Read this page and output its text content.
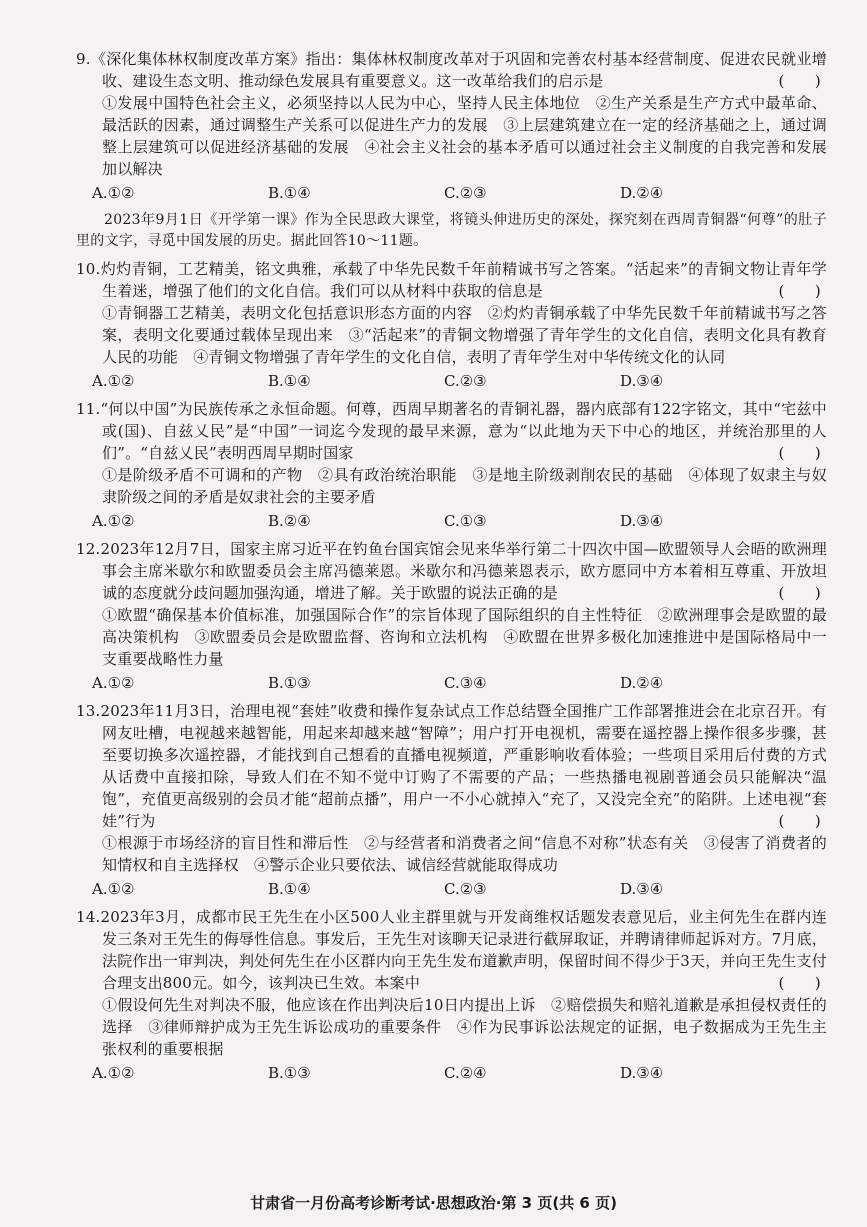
9.《深化集体林权制度改革方案》指出：集体林权制度改革对于巩固和完善农村基本经营制度、促进农民就业增收、建设生态文明、推动绿色发展具有重要意义。这一改革给我们的启示是	(　　)

①发展中国特色社会主义，必须坚持以人民为中心，坚持人民主体地位　②生产关系是生产方式中最革命、最活跃的因素，通过调整生产关系可以促进生产力的发展　③上层建筑建立在一定的经济基础之上，通过调整上层建筑可以促进经济基础的发展　④社会主义社会的基本矛盾可以通过社会主义制度的自我完善和发展加以解决

A.①②	B.①④	C.②③	D.②④

2023年9月1日《开学第一课》作为全民思政大课堂，将镜头伸进历史的深处，探究刻在西周青铜器“何尊”的肚子里的文字，寻觅中国发展的历史。据此回答10～11题。

10.灼灼青铜，工艺精美，铭文典雅，承载了中华先民数千年前精诚书写之答案。“活起来”的青铜文物让青年学生着迷，增强了他们的文化自信。我们可以从材料中获取的信息是	(　　)

①青铜器工艺精美，表明文化包括意识形态方面的内容　②灼灼青铜承载了中华先民数千年前精诚书写之答案，表明文化要通过载体呈现出来　③“活起来”的青铜文物增强了青年学生的文化自信，表明文化具有教育人民的功能　④青铜文物增强了青年学生的文化自信，表明了青年学生对中华传统文化的认同

A.①②	B.①④	C.②③	D.③④

11.“何以中国”为民族传承之永恒命题。何尊，西周早期著名的青铜礼器，器内底部有122字铭文，其中“宅兹中或(国)、自兹乂民”是“中国”一词迄今发现的最早来源，意为“以此地为天下中心的地区，并统治那里的人们”。“自兹乂民”表明西周早期时国家	(　　)

①是阶级矛盾不可调和的产物　②具有政治统治职能　③是地主阶级剥削农民的基础　④体现了奴隶主与奴隶阶级之间的矛盾是奴隶社会的主要矛盾

A.①②	B.②④	C.①③	D.③④

12.2023年12月7日，国家主席习近平在钓鱼台国宾馆会见来华举行第二十四次中国—欧盟领导人会晤的欧洲理事会主席米歇尔和欧盟委员会主席冯德莱恩。米歇尔和冯德莱恩表示，欧方愿同中方本着相互尊重、开放坦诚的态度就分歧问题加强沟通，增进了解。关于欧盟的说法正确的是	(　　)

①欧盟“确保基本价值标准，加强国际合作”的宗旨体现了国际组织的自主性特征　②欧洲理事会是欧盟的最高决策机构　③欧盟委员会是欧盟监督、咨询和立法机构　④欧盟在世界多极化加速推进中是国际格局中一支重要战略性力量

A.①②	B.①③	C.③④	D.②④

13.2023年11月3日，治理电视“套娃”收费和操作复杂试点工作总结暨全国推广工作部署推进会在北京召开。有网友吐槽，电视越来越智能，用起来却越来越“智障”；用户打开电视机，需要在遥控器上操作很多步骤，甚至要切换多次遥控器，才能找到自己想看的直播电视频道，严重影响收看体验；一些项目采用后付费的方式从话费中直接扣除，导致人们在不知不觉中订购了不需要的产品；一些热播电视剧普通会员只能解决“温饱”，充值更高级别的会员才能“超前点播”，用户一不小心就掉入“充了，又没完全充”的陷阱。上述电视“套娃”行为	(　　)

①根源于市场经济的盲目性和滞后性　②与经营者和消费者之间“信息不对称”状态有关　③侵害了消费者的知情权和自主选择权　④警示企业只要依法、诚信经营就能取得成功

A.①②	B.①④	C.②③	D.③④

14.2023年3月，成都市民王先生在小区500人业主群里就与开发商维权话题发表意见后，业主何先生在群内连发三条对王先生的侮辱性信息。事发后，王先生对该聊天记录进行截屏取证，并聘请律师起诉对方。7月底，法院作出一审判决，判处何先生在小区群内向王先生发布道歉声明，保留时间不得少于3天，并向王先生支付合理支出800元。如今，该判决已生效。本案中	(　　)

①假设何先生对判决不服，他应该在作出判决后10日内提出上诉　②赔偿损失和赔礼道歉是承担侵权责任的选择　③律师辩护成为王先生诉讼成功的重要条件　④作为民事诉讼法规定的证据，电子数据成为王先生主张权利的重要根据

A.①②	B.①③	C.②④	D.③④
甘肃省一月份高考诊断考试·思想政治·第 3 页(共 6 页)
